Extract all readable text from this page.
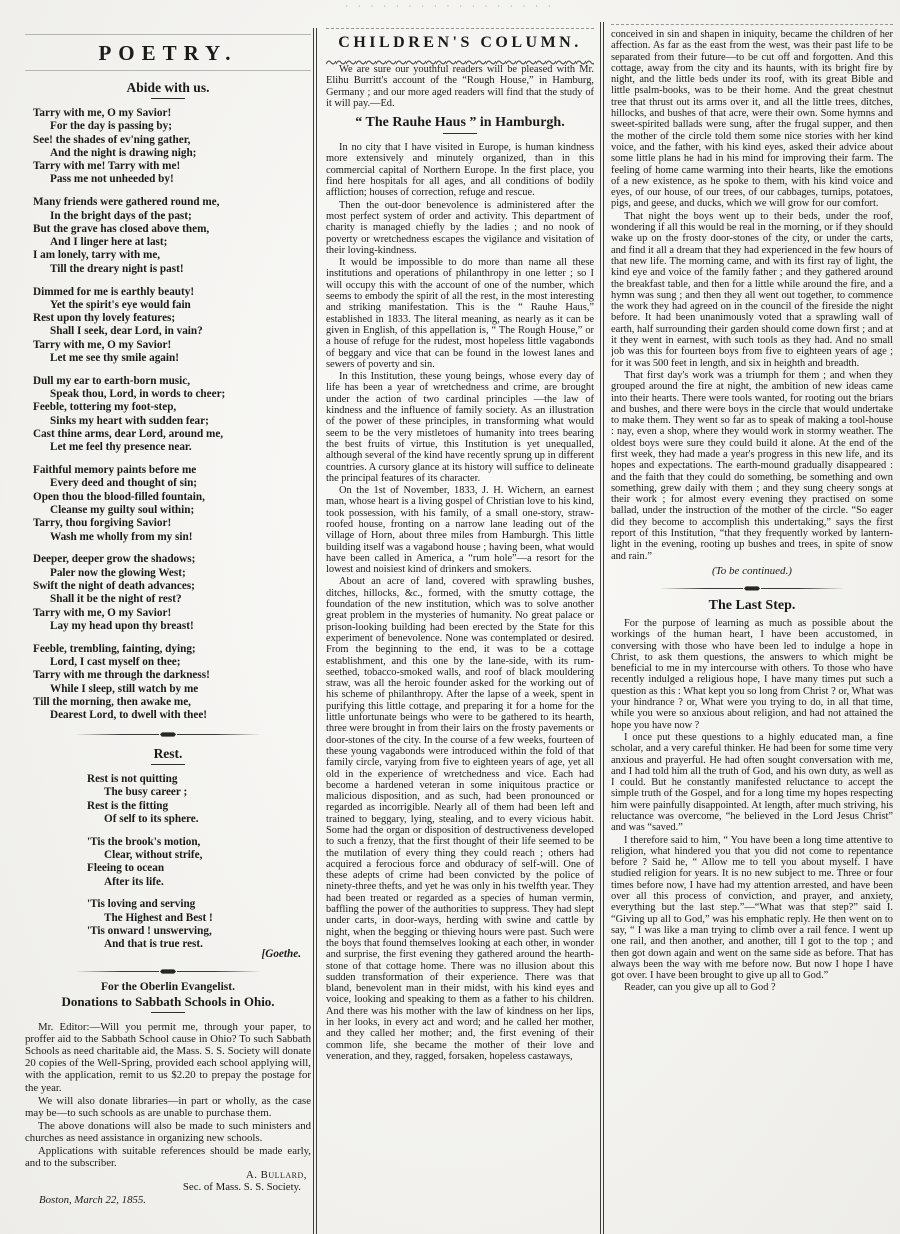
· · · · · · · · · · · · · · · · ·
POETRY.
Abide with us.
Tarry with me, O my Savior!
For the day is passing by;
See! the shades of ev'ning gather,
And the night is drawing nigh;
Tarry with me! Tarry with me!
Pass me not unheeded by!
Many friends were gathered round me,
In the bright days of the past;
But the grave has closed above them,
And I linger here at last;
I am lonely, tarry with me,
Till the dreary night is past!
Dimmed for me is earthly beauty!
Yet the spirit's eye would fain
Rest upon thy lovely features;
Shall I seek, dear Lord, in vain?
Tarry with me, O my Savior!
Let me see thy smile again!
Dull my ear to earth-born music,
Speak thou, Lord, in words to cheer;
Feeble, tottering my foot-step,
Sinks my heart with sudden fear;
Cast thine arms, dear Lord, around me,
Let me feel thy presence near.
Faithful memory paints before me
Every deed and thought of sin;
Open thou the blood-filled fountain,
Cleanse my guilty soul within;
Tarry, thou forgiving Savior!
Wash me wholly from my sin!
Deeper, deeper grow the shadows;
Paler now the glowing West;
Swift the night of death advances;
Shall it be the night of rest?
Tarry with me, O my Savior!
Lay my head upon thy breast!
Feeble, trembling, fainting, dying;
Lord, I cast myself on thee;
Tarry with me through the darkness!
While I sleep, still watch by me
Till the morning, then awake me,
Dearest Lord, to dwell with thee!
Rest.
Rest is not quitting
The busy career ;
Rest is the fitting
Of self to its sphere.
'Tis the brook's motion,
Clear, without strife,
Fleeing to ocean
After its life.
'Tis loving and serving
The Highest and Best !
'Tis onward ! unswerving,
And that is true rest.
[Goethe.
For the Oberlin Evangelist.
Donations to Sabbath Schools in Ohio.

Mr. Editor:—Will you permit me, through your paper, to proffer aid to the Sabbath School cause in Ohio? To such Sabbath Schools as need charitable aid, the Mass. S. S. Society will donate 20 copies of the Well-Spring, provided each school applying will, with the application, remit to us $2.20 to prepay the postage for the year.

We will also donate libraries—in part or wholly, as the case may be—to such schools as are unable to purchase them.

The above donations will also be made to such ministers and churches as need assistance in organizing new schools.

Applications with suitable references should be made early, and to the subscriber.

A. Bullard,
Sec. of Mass. S. S. Society.
Boston, March 22, 1855.
CHILDREN'S COLUMN.

We are sure our youthful readers will be pleased with Mr. Elihu Burritt's account of the “Rough House,” in Hamburg, Germany ; and our more aged readers will find that the study of it will pay.—Ed.

“ The Rauhe Haus ” in Hamburgh.

In no city that I have visited in Europe, is human kindness more extensively and minutely organized, than in this commercial capital of Northern Europe. In the first place, you find here hospitals for all ages, and all conditions of bodily affliction; houses of correction, refuge and rescue.

Then the out-door benevolence is administered after the most perfect system of order and activity. This department of charity is managed chiefly by the ladies ; and no nook of poverty or wretchedness escapes the vigilance and visitation of their loving-kindness.

It would be impossible to do more than name all these institutions and operations of philanthropy in one letter ; so I will occupy this with the account of one of the number, which seems to embody the spirit of all the rest, in the most interesting and striking manifestation. This is the “ Rauhe Haus,” established in 1833. The literal meaning, as nearly as it can be given in English, of this appellation is, “ The Rough House,” or a house of refuge for the rudest, most hopeless little vagabonds of beggary and vice that can be found in the lowest lanes and sewers of poverty and sin.

In this Institution, these young beings, whose every day of life has been a year of wretchedness and crime, are brought under the action of two cardinal principles —the law of kindness and the influence of family society. As an illustration of the power of these principles, in transforming what would seem to be the very mistletoes of humanity into trees bearing the best fruits of virtue, this Institution is yet unequalled, although several of the kind have recently sprung up in different countries. A cursory glance at its history will suffice to delineate the principal features of its character.

On the 1st of November, 1833, J. H. Wichern, an earnest man, whose heart is a living gospel of Christian love to his kind, took possession, with his family, of a small one-story, straw-roofed house, fronting on a narrow lane leading out of the village of Horn, about three miles from Hamburgh. This little building itself was a vagabond house ; having been, what would have been called in America, a “rum hole”—a resort for the lowest and noisiest kind of drinkers and smokers.

About an acre of land, covered with sprawling bushes, ditches, hillocks, &c., formed, with the smutty cottage, the foundation of the new institution, which was to solve another great problem in the mysteries of humanity. No great palace or prison-looking building had been erected by the State for this experiment of benevolence. None was contemplated or desired. From the beginning to the end, it was to be a cottage establishment, and this one by the lane-side, with its rum-seethed, tobacco-smoked walls, and roof of black mouldering straw, was all the heroic founder asked for the working out of his scheme of philanthropy. After the lapse of a week, spent in purifying this little cottage, and preparing it for a home for the little unfortunate beings who were to be gathered to its hearth, three were brought in from their lairs on the frosty pavements or door-stones of the city. In the course of a few weeks, fourteen of these young vagabonds were introduced within the fold of that family circle, varying from five to eighteen years of age, yet all old in the experience of wretchedness and vice. Each had become a hardened veteran in some iniquitous practice or malicious disposition, and as such, had been pronounced or regarded as incorrigible. Nearly all of them had been left and trained to beggary, lying, stealing, and to every vicious habit. Some had the organ or disposition of destructiveness developed to such a frenzy, that the first thought of their life seemed to be the mutilation of every thing they could reach ; others had acquired a ferocious force and obduracy of self-will. One of these adepts of crime had been convicted by the police of ninety-three thefts, and yet he was only in his twelfth year. They had been treated or regarded as a species of human vermin, baffling the power of the authorities to suppress. They had slept under carts, in door-ways, herding with swine and cattle by night, when the begging or thieving hours were past. Such were the boys that found themselves looking at each other, in wonder and surprise, the first evening they gathered around the hearth-stone of that cottage home. There was no illusion about this sudden transformation of their experience. There was that bland, benevolent man in their midst, with his kind eyes and voice, looking and speaking to them as a father to his children. And there was his mother with the law of kindness on her lips, in her looks, in every act and word; and he called her mother, and they called her mother; and, the first evening of their common life, she became the mother of their love and veneration, and they, ragged, forsaken, hopeless castaways,

conceived in sin and shapen in iniquity, became the children of her affection. As far as the east from the west, was their past life to be separated from their future—to be cut off and forgotten. And this cottage, away from the city and its haunts, with its bright fire by night, and the little beds under its roof, with its great Bible and little psalm-books, was to be their home. And the great chestnut tree that thrust out its arms over it, and all the little trees, ditches, hillocks, and bushes of that acre, were their own. Some hymns and sweet-spirited ballads were sung, after the frugal supper, and then the mother of the circle told them some nice stories with her kind voice, and the father, with his kind eyes, asked their advice about some little plans he had in his mind for improving their farm. The feeling of home came warming into their hearts, like the emotions of a new existence, as he spoke to them, with his kind voice and eyes, of our house, of our trees, of our cabbages, turnips, potatoes, pigs, and geese, and ducks, which we will grow for our comfort.

That night the boys went up to their beds, under the roof, wondering if all this would be real in the morning, or if they should wake up on the frosty door-stones of the city, or under the carts, and find it all a dream that they had experienced in the few hours of that new life. The morning came, and with its first ray of light, the kind eye and voice of the family father ; and they gathered around the breakfast table, and then for a little while around the fire, and a hymn was sung ; and then they all went out together, to commence the work they had agreed on in the council of the fireside the night before. It had been unanimously voted that a sprawling wall of earth, half surrounding their garden should come down first ; and at it they went in earnest, with such tools as they had. And no small job was this for fourteen boys from five to eighteen years of age ; for it was 500 feet in length, and six in heighth and breadth.

That first day's work was a triumph for them ; and when they grouped around the fire at night, the ambition of new ideas came into their hearts. There were tools wanted, for rooting out the briars and bushes, and there were boys in the circle that would undertake to make them. They went so far as to speak of making a tool-house : nay, even a shop, where they would work in stormy weather. The oldest boys were sure they could build it alone. At the end of the first week, they had made a year's progress in this new life, and its hopes and expectations. The earth-mound gradually disappeared : and the faith that they could do something, be something and own something, grew daily with them ; and they sung cheery songs at their work ; for almost every evening they practised on some ballad, under the instruction of the mother of the circle. “So eager did they become to accomplish this undertaking,” says the first report of this Institution, “that they frequently worked by lantern-light in the evening, rooting up bushes and trees, in spite of snow and rain.”

(To be continued.)
The Last Step.

For the purpose of learning as much as possible about the workings of the human heart, I have been accustomed, in conversing with those who have been led to indulge a hope in Christ, to ask them questions, the answers to which might be beneficial to me in my intercourse with others. To those who have recently indulged a religious hope, I have many times put such a question as this : What kept you so long from Christ ? or, What was your hindrance ? or, What were you trying to do, in all that time, while you were so anxious about religion, and had not attained the hope you have now ?

I once put these questions to a highly educated man, a fine scholar, and a very careful thinker. He had been for some time very anxious and prayerful. He had often sought conversation with me, and I had told him all the truth of God, and his own duty, as well as I could. But he constantly manifested reluctance to accept the simple truth of the Gospel, and for a long time my hopes respecting him were painfully disappointed. At length, after much striving, his reluctance was overcome, “he believed in the Lord Jesus Christ” and was “saved.”

I therefore said to him, “ You have been a long time attentive to religion, what hindered you that you did not come to repentance before ? Said he, “ Allow me to tell you about myself. I have studied religion for years. It is no new subject to me. Three or four times before now, I have had my attention arrested, and have been over all this process of conviction, and prayer, and anxiety, everything but the last step.”—“What was that step?” said I. “Giving up all to God,” was his emphatic reply. He then went on to say, “ I was like a man trying to climb over a rail fence. I went up one rail, and then another, and another, till I got to the top ; and then got down again and went on the same side as before. That has always been the way with me before now. But now I hope I have got over. I have been brought to give up all to God.”

Reader, can you give up all to God ?
